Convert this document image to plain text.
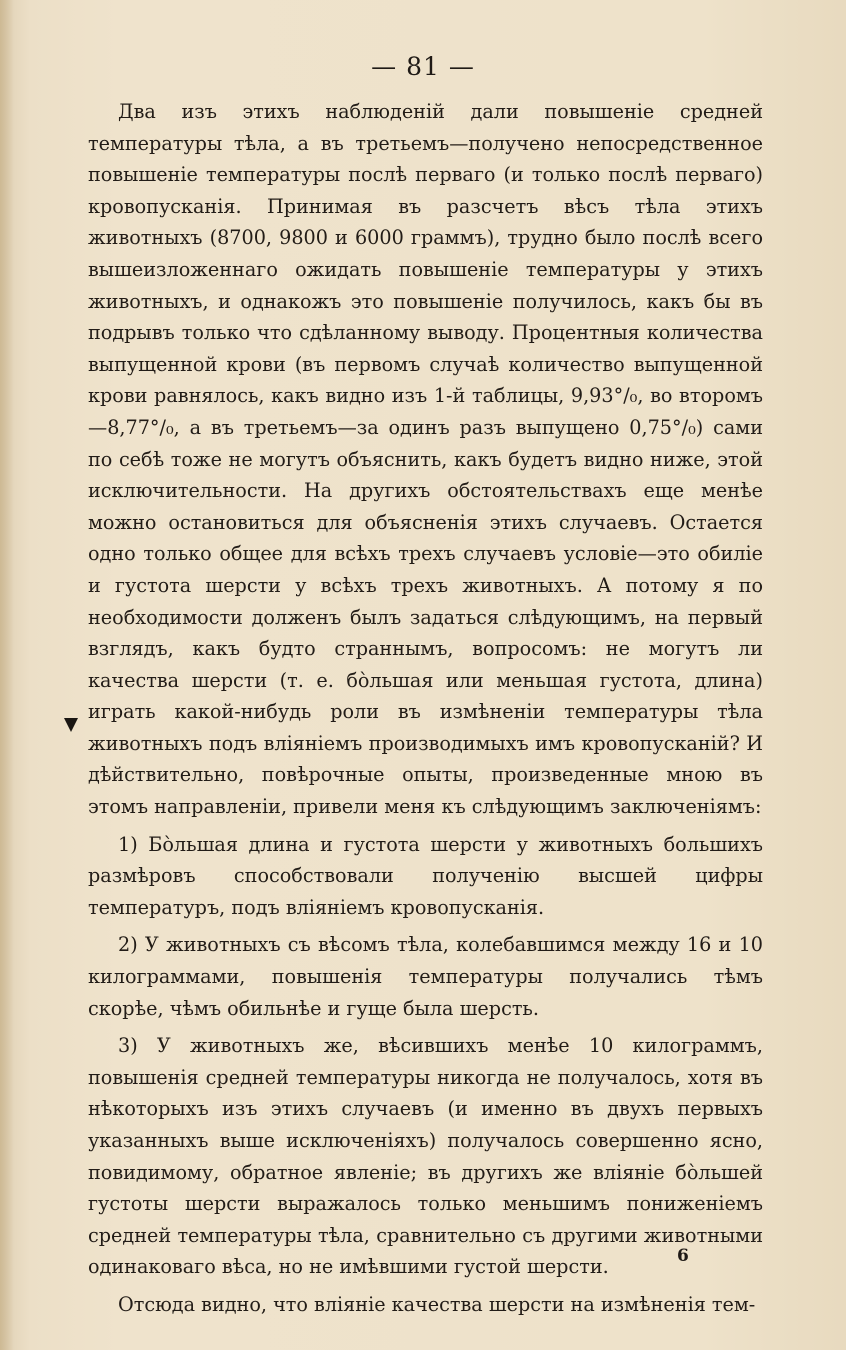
— 81 —

Два изъ этихъ наблюденій дали повышеніе средней температуры тѣла, а въ третьемъ—получено непосредственное повышеніе температуры послѣ перваго (и только послѣ перваго) кровопусканія. Принимая въ разсчетъ вѣсъ тѣла этихъ животныхъ (8700, 9800 и 6000 граммъ), трудно было послѣ всего вышеизложеннаго ожидать повышеніе температуры у этихъ животныхъ, и однакожъ это повышеніе получилось, какъ бы въ подрывъ только что сдѣланному выводу. Процентныя количества выпущенной крови (въ первомъ случаѣ количество выпущенной крови равнялось, какъ видно изъ 1-й таблицы, 9,93°/₀, во второмъ—8,77°/₀, а въ третьемъ—за одинъ разъ выпущено 0,75°/₀) сами по себѣ тоже не могутъ объяснить, какъ будетъ видно ниже, этой исключительности. На другихъ обстоятельствахъ еще менѣе можно остановиться для объясненія этихъ случаевъ. Остается одно только общее для всѣхъ трехъ случаевъ условіе—это обиліе и густота шерсти у всѣхъ трехъ животныхъ. А потому я по необходимости долженъ былъ задаться слѣдующимъ, на первый взглядъ, какъ будто страннымъ, вопросомъ: не могутъ ли качества шерсти (т. е. бо̀льшая или меньшая густота, длина) играть какой-нибудь роли въ измѣненіи температуры тѣла животныхъ подъ вліяніемъ производимыхъ имъ кровопусканій? И дѣйствительно, повѣрочные опыты, произведенные мною въ этомъ направленіи, привели меня къ слѣдующимъ заключеніямъ:

1) Бо̀льшая длина и густота шерсти у животныхъ большихъ размѣровъ способствовали полученію высшей цифры температуръ, подъ вліяніемъ кровопусканія.

2) У животныхъ съ вѣсомъ тѣла, колебавшимся между 16 и 10 килограммами, повышенія температуры получались тѣмъ скорѣе, чѣмъ обильнѣе и гуще была шерсть.

3) У животныхъ же, вѣсившихъ менѣе 10 килограммъ, повышенія средней температуры никогда не получалось, хотя въ нѣкоторыхъ изъ этихъ случаевъ (и именно въ двухъ первыхъ указанныхъ выше исключеніяхъ) получалось совершенно ясно, повидимому, обратное явленіе; въ другихъ же вліяніе бо̀льшей густоты шерсти выражалось только меньшимъ пониженіемъ средней температуры тѣла, сравнительно съ другими животными одинаковаго вѣса, но не имѣвшими густой шерсти.

Отсюда видно, что вліяніе качества шерсти на измѣненія тем-

6
